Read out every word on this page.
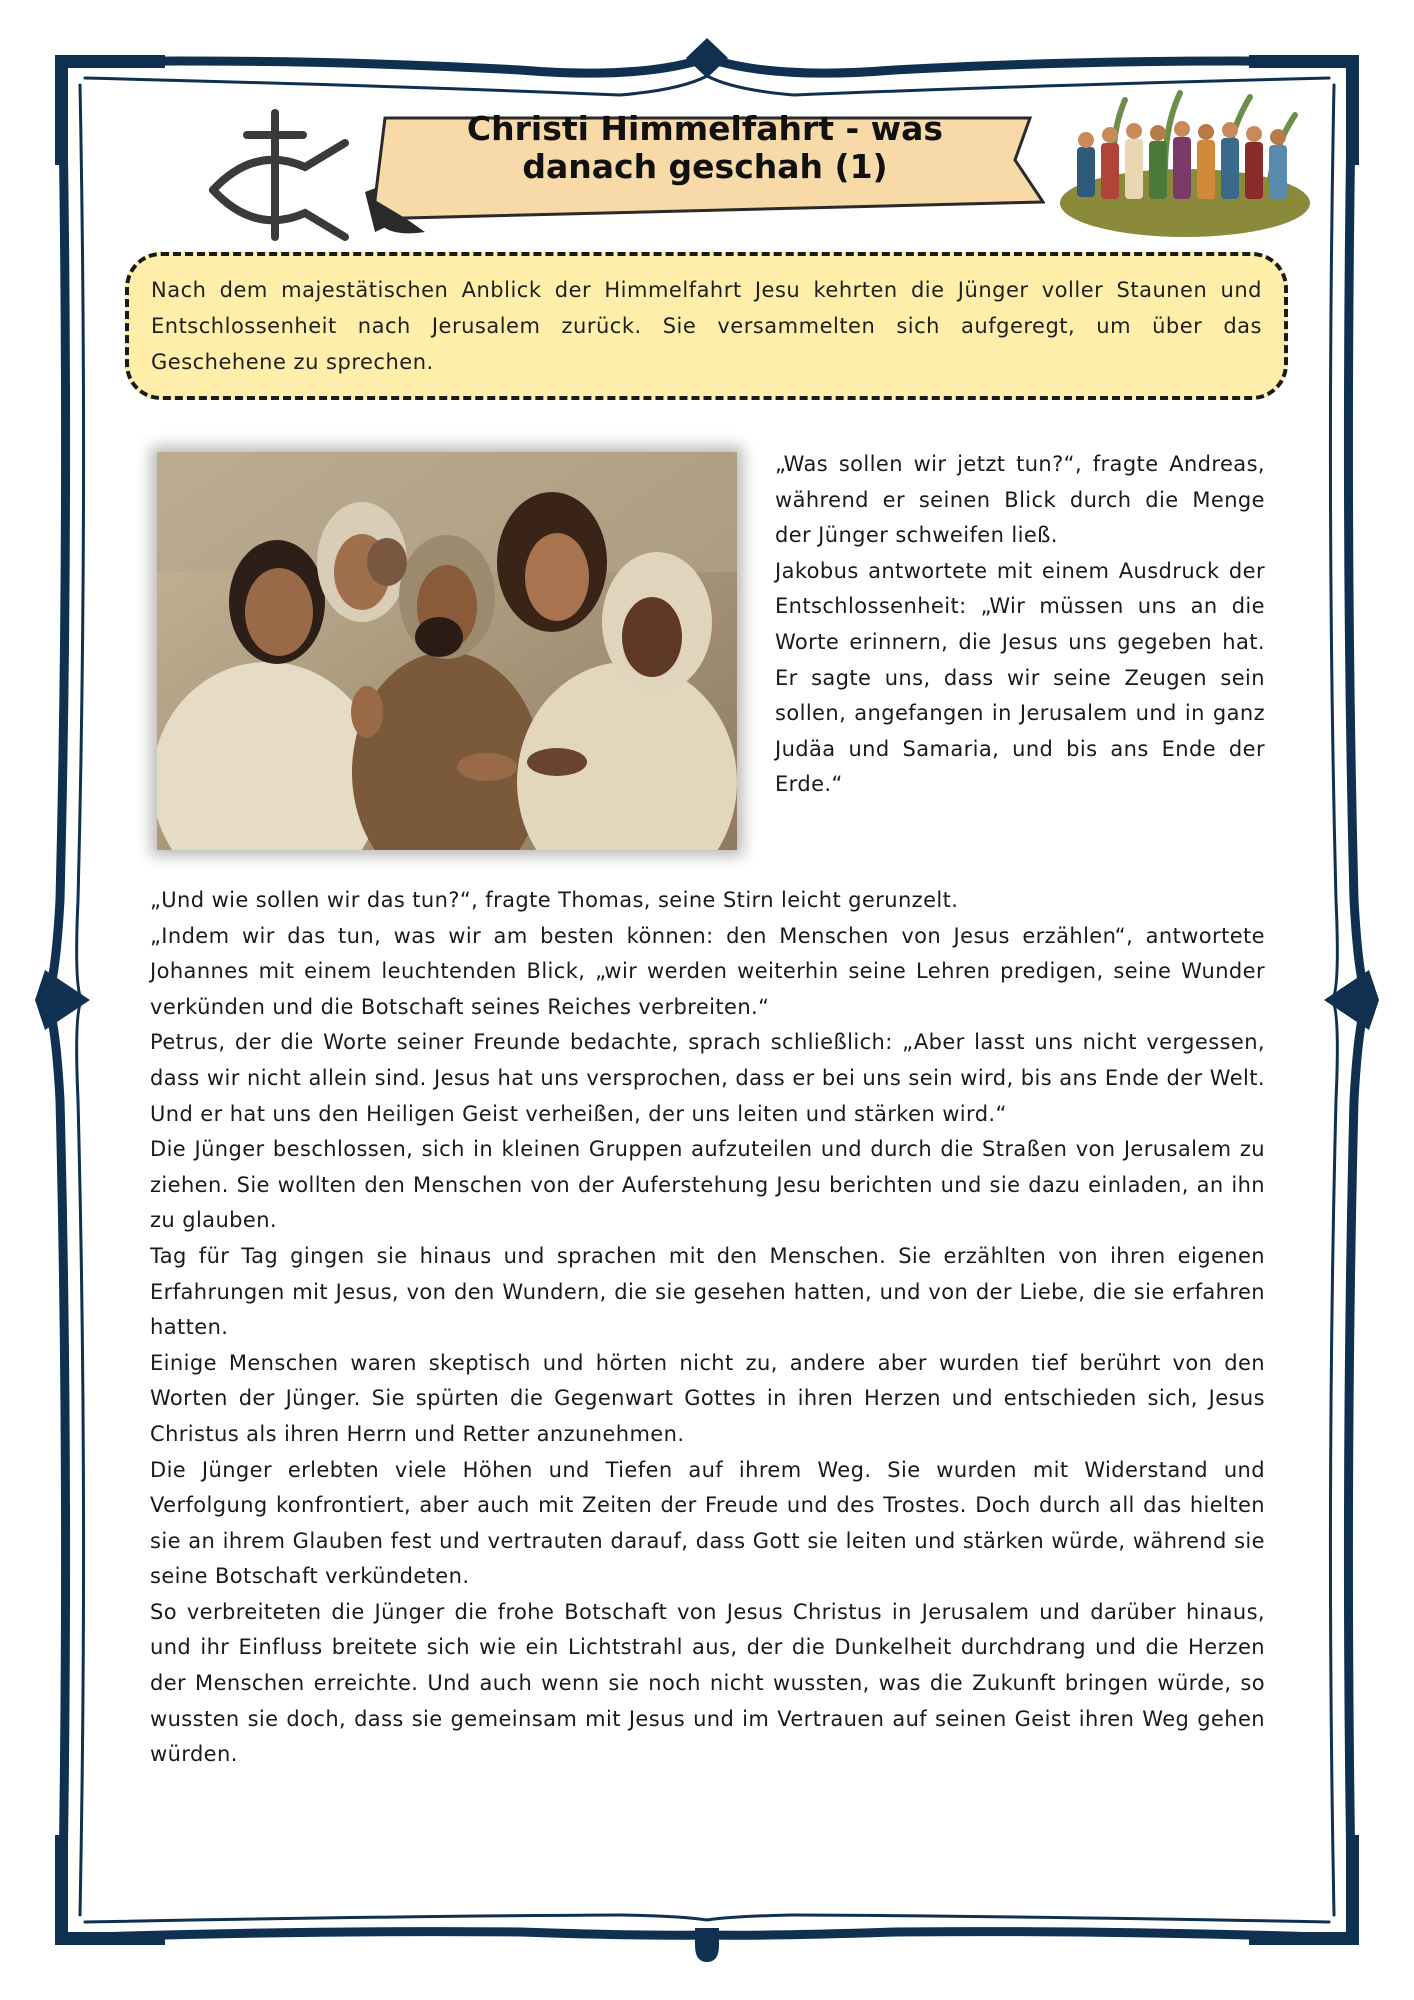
Christi Himmelfahrt - was danach geschah (1)

Nach dem majestätischen Anblick der Himmelfahrt Jesu kehrten die Jünger voller Staunen und Entschlossenheit nach Jerusalem zurück. Sie versammelten sich aufgeregt, um über das Geschehene zu sprechen.

„Was sollen wir jetzt tun?“, fragte Andreas, während er seinen Blick durch die Menge der Jünger schweifen ließ.

Jakobus antwortete mit einem Ausdruck der Entschlossenheit: „Wir müssen uns an die Worte erinnern, die Jesus uns gegeben hat. Er sagte uns, dass wir seine Zeugen sein sollen, angefangen in Jerusalem und in ganz Judäa und Samaria, und bis ans Ende der Erde.“

„Und wie sollen wir das tun?“, fragte Thomas, seine Stirn leicht gerunzelt.

„Indem wir das tun, was wir am besten können: den Menschen von Jesus erzählen“, antwortete Johannes mit einem leuchtenden Blick, „wir werden weiterhin seine Lehren predigen, seine Wunder verkünden und die Botschaft seines Reiches verbreiten.“

Petrus, der die Worte seiner Freunde bedachte, sprach schließlich: „Aber lasst uns nicht vergessen, dass wir nicht allein sind. Jesus hat uns versprochen, dass er bei uns sein wird, bis ans Ende der Welt. Und er hat uns den Heiligen Geist verheißen, der uns leiten und stärken wird.“

Die Jünger beschlossen, sich in kleinen Gruppen aufzuteilen und durch die Straßen von Jerusalem zu ziehen. Sie wollten den Menschen von der Auferstehung Jesu berichten und sie dazu einladen, an ihn zu glauben.

Tag für Tag gingen sie hinaus und sprachen mit den Menschen. Sie erzählten von ihren eigenen Erfahrungen mit Jesus, von den Wundern, die sie gesehen hatten, und von der Liebe, die sie erfahren hatten.

Einige Menschen waren skeptisch und hörten nicht zu, andere aber wurden tief berührt von den Worten der Jünger. Sie spürten die Gegenwart Gottes in ihren Herzen und entschieden sich, Jesus Christus als ihren Herrn und Retter anzunehmen.

Die Jünger erlebten viele Höhen und Tiefen auf ihrem Weg. Sie wurden mit Widerstand und Verfolgung konfrontiert, aber auch mit Zeiten der Freude und des Trostes. Doch durch all das hielten sie an ihrem Glauben fest und vertrauten darauf, dass Gott sie leiten und stärken würde, während sie seine Botschaft verkündeten.

So verbreiteten die Jünger die frohe Botschaft von Jesus Christus in Jerusalem und darüber hinaus, und ihr Einfluss breitete sich wie ein Lichtstrahl aus, der die Dunkelheit durchdrang und die Herzen der Menschen erreichte. Und auch wenn sie noch nicht wussten, was die Zukunft bringen würde, so wussten sie doch, dass sie gemeinsam mit Jesus und im Vertrauen auf seinen Geist ihren Weg gehen würden.
